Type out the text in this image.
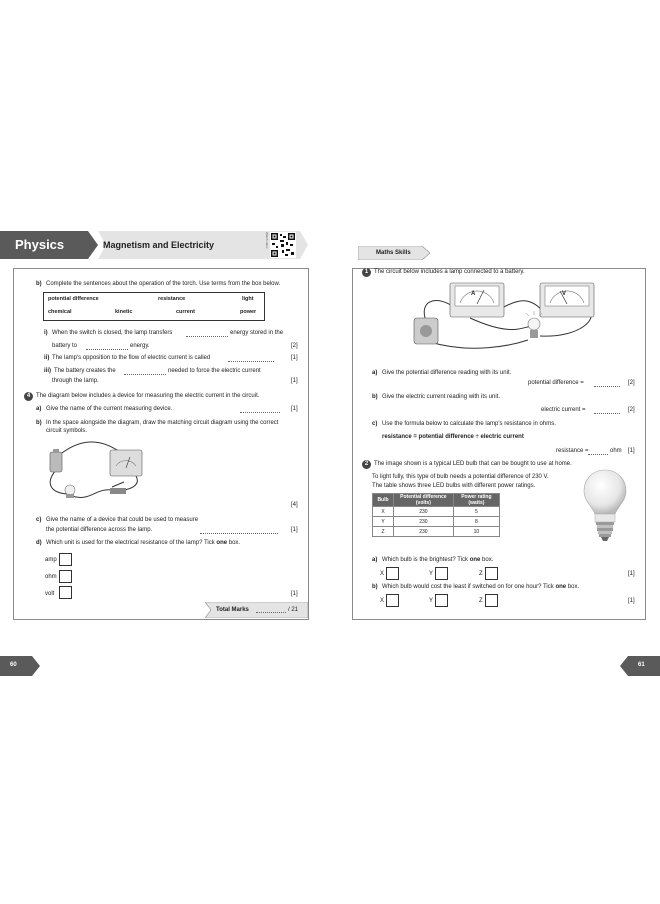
Physics	Magnetism and Electricity	Watch video
b) Complete the sentences about the operation of the torch. Use terms from the box below.
potential difference	resistance	light
chemical	kinetic	current	power
i) When the switch is closed, the lamp transfers	energy stored in the
battery to	energy.	[2]
ii) The lamp's opposition to the flow of electric current is called	[1]
iii) The battery creates the	needed to force the electric current
through the lamp.	[1]
4 The diagram below includes a device for measuring the electric current in the circuit.
a) Give the name of the current measuring device.	[1]
b) In the space alongside the diagram, draw the matching circuit diagram using the correct
circuit symbols.
[4]
c) Give the name of a device that could be used to measure
the potential difference across the lamp.	[1]
d) Which unit is used for the electrical resistance of the lamp? Tick one box.
amp
ohm
volt	[1]
Total Marks	/ 21
60
Maths Skills
1 The circuit below includes a lamp connected to a battery.
A	V
a) Give the potential difference reading with its unit.
potential difference =	[2]
b) Give the electric current reading with its unit.
electric current =	[2]
c) Use the formula below to calculate the lamp's resistance in ohms.
resistance = potential difference ÷ electric current
resistance =	ohm [1]
2 The image shown is a typical LED bulb that can be bought to use at home.
To light fully, this type of bulb needs a potential difference of 230 V.
The table shows three LED bulbs with different power ratings.
Bulb	Potential difference (volts)	Power rating (watts)
X	230	5
Y	230	8
Z	230	10
a) Which bulb is the brightest? Tick one box.
X	Y	Z	[1]
b) Which bulb would cost the least if switched on for one hour? Tick one box.
X	Y	Z	[1]
61
